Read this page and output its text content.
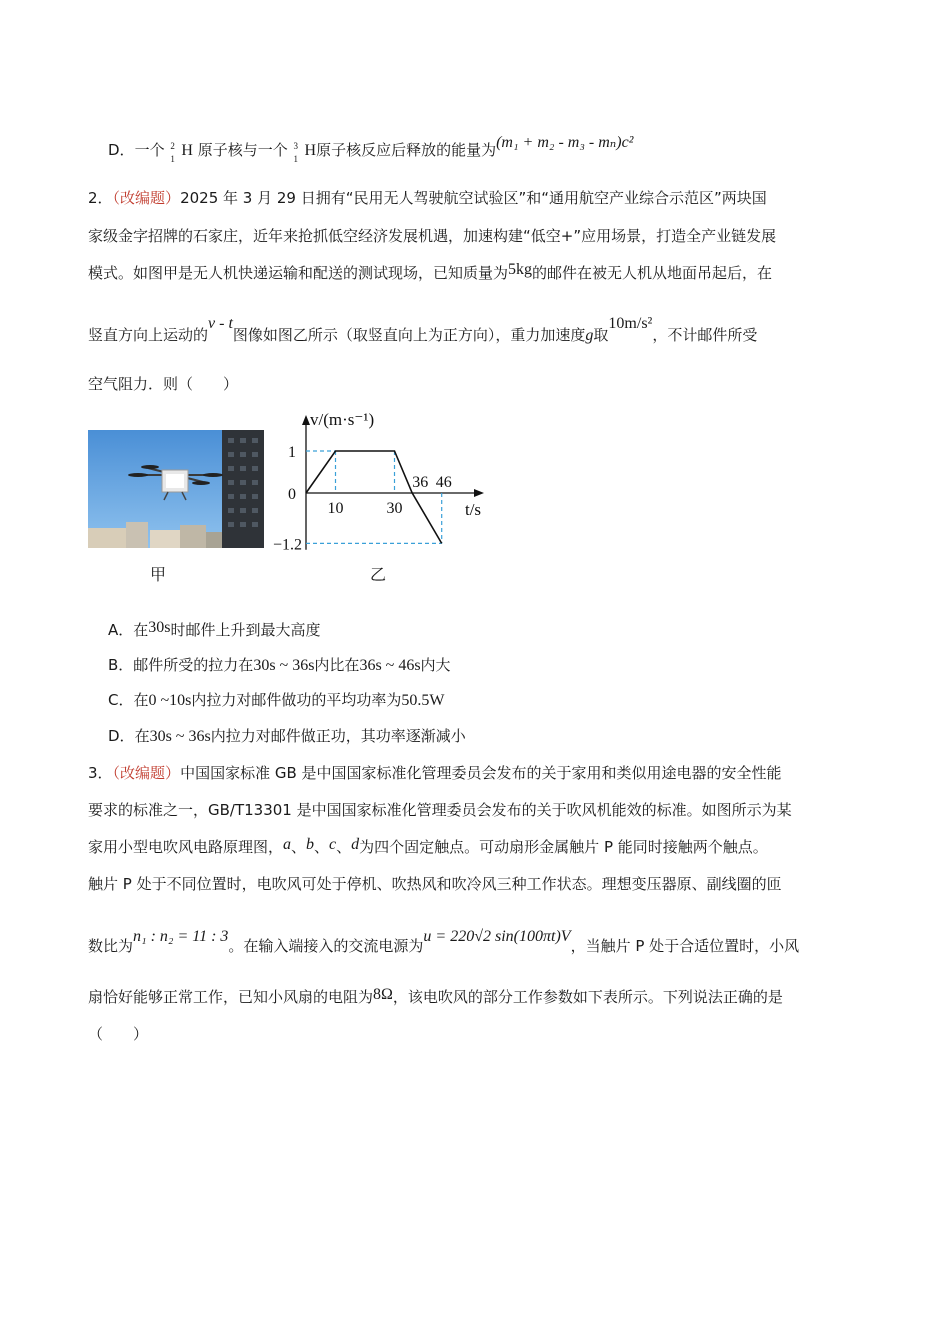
D．一个 2
1 H 原子核与一个 3
1 H原子核反应后释放的能量为(m₁ + m₂ - m₃ - mₙ)c²
2．（改编题）2025 年 3 月 29 日拥有“民用无人驾驶航空试验区”和“通用航空产业综合示范区”两块国
家级金字招牌的石家庄，近年来抢抓低空经济发展机遇，加速构建“低空+”应用场景，打造全产业链发展
模式。如图甲是无人机快递运输和配送的测试现场，已知质量为5kg的邮件在被无人机从地面吊起后，在
竖直方向上运动的v - t图像如图乙所示（取竖直向上为正方向），重力加速度g取10m/s²，不计邮件所受
空气阻力．则（　　）
甲
1
0
−1.2
10	30
36 46
v/(m·s⁻¹)
t/s
乙
A．在30s时邮件上升到最大高度
B．邮件所受的拉力在30s ~ 36s内比在36s ~ 46s内大
C．在0 ~10s内拉力对邮件做功的平均功率为50.5W
D．在30s ~ 36s内拉力对邮件做正功，其功率逐渐减小
3．（改编题）中国国家标准 GB 是中国国家标准化管理委员会发布的关于家用和类似用途电器的安全性能
要求的标准之一，GB/T13301 是中国国家标准化管理委员会发布的关于吹风机能效的标准。如图所示为某
家用小型电吹风电路原理图，a、b、c、d为四个固定触点。可动扇形金属触片 P 能同时接触两个触点。
触片 P 处于不同位置时，电吹风可处于停机、吹热风和吹冷风三种工作状态。理想变压器原、副线圈的匝
数比为n₁ : n₂ = 11 : 3。在输入端接入的交流电源为u = 220√2 sin(100πt)V，当触片 P 处于合适位置时，小风
扇恰好能够正常工作，已知小风扇的电阻为8Ω，该电吹风的部分工作参数如下表所示。下列说法正确的是
（　　）
